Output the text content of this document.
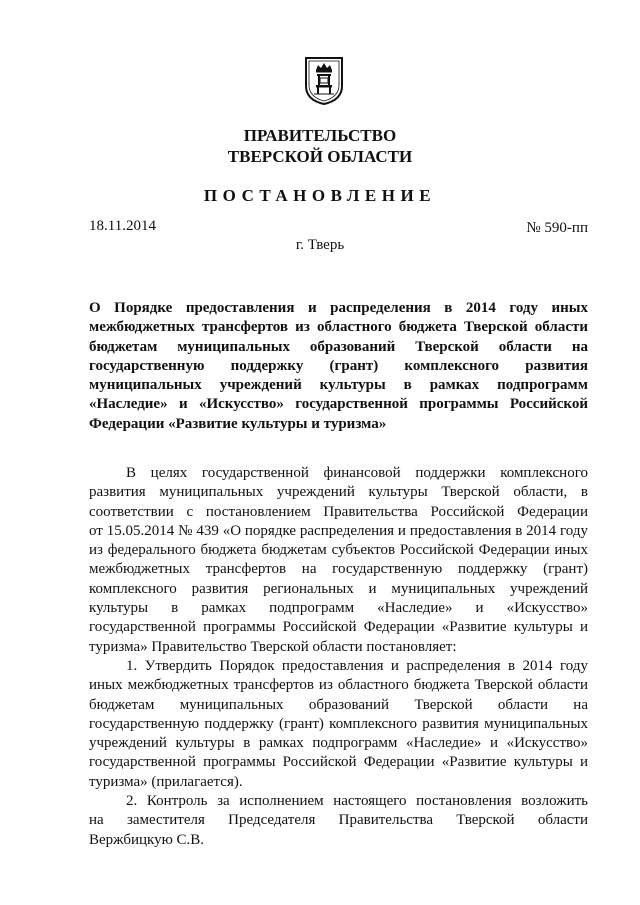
ПРАВИТЕЛЬСТВО

ТВЕРСКОЙ ОБЛАСТИ

ПОСТАНОВЛЕНИЕ

18.11.2014	№ 590-пп
г. Тверь
О Порядке предоставления и распределения в 2014 году иных
межбюджетных трансфертов из областного бюджета Тверской области
бюджетам муниципальных образований Тверской области на
государственную поддержку (грант) комплексного развития
муниципальных учреждений культуры в рамках подпрограмм
«Наследие» и «Искусство» государственной программы Российской
Федерации «Развитие культуры и туризма»
В целях государственной финансовой поддержки комплексного
развития муниципальных учреждений культуры Тверской области, в
соответствии с постановлением Правительства Российской Федерации
от 15.05.2014 № 439 «О порядке распределения и предоставления в 2014 году
из федерального бюджета бюджетам субъектов Российской Федерации иных
межбюджетных трансфертов на государственную поддержку (грант)
комплексного развития региональных и муниципальных учреждений
культуры в рамках подпрограмм «Наследие» и «Искусство»
государственной программы Российской Федерации «Развитие культуры и
туризма» Правительство Тверской области постановляет:
1. Утвердить Порядок предоставления и распределения в 2014 году
иных межбюджетных трансфертов из областного бюджета Тверской области
бюджетам муниципальных образований Тверской области на
государственную поддержку (грант) комплексного развития муниципальных
учреждений культуры в рамках подпрограмм «Наследие» и «Искусство»
государственной программы Российской Федерации «Развитие культуры и
туризма» (прилагается).
2. Контроль за исполнением настоящего постановления возложить
на заместителя Председателя Правительства Тверской области
Вержбицкую С.В.
